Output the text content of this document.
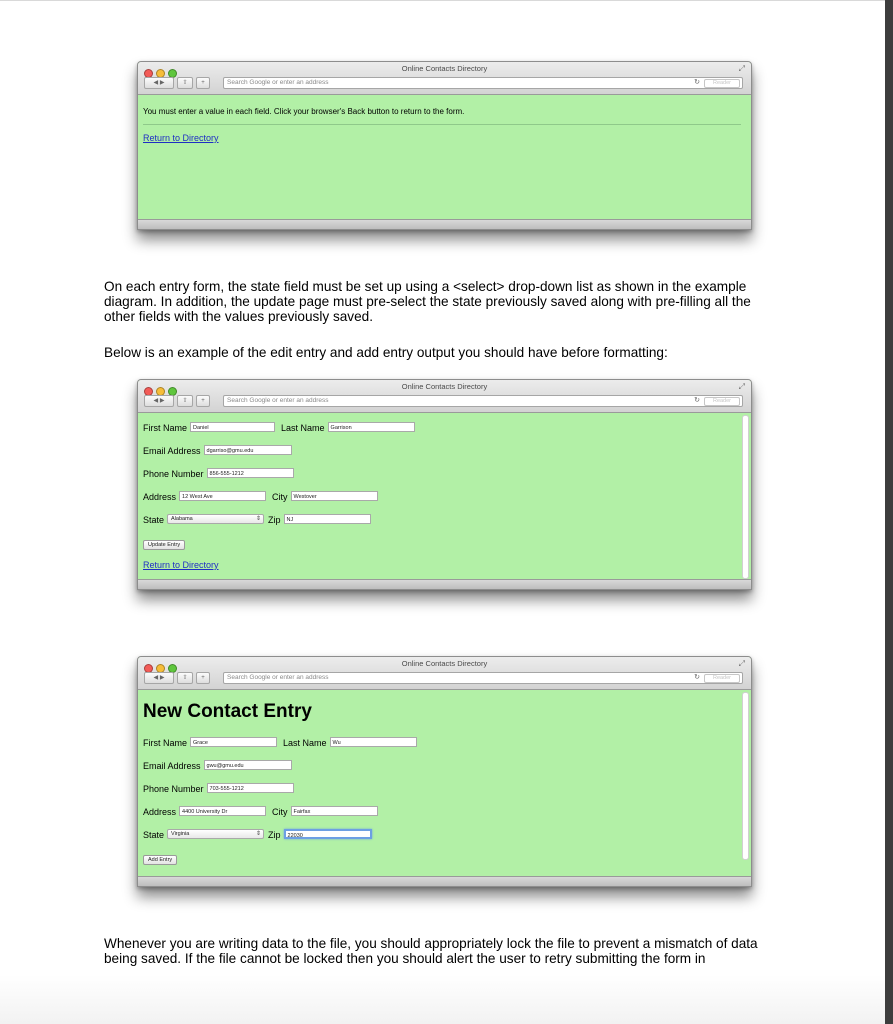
Online Contacts Directory	⤢
◀ ▶	⇧ +	Search Google or enter an address	↻	Reader
You must enter a value in each field. Click your browser's Back button to return to the form.
Return to Directory

On each entry form, the state field must be set up using a <select> drop-down list as shown in the example diagram. In addition, the update page must pre-select the state previously saved along with pre-filling all the other fields with the values previously saved.

Below is an example of the edit entry and add entry output you should have before formatting:

Online Contacts Directory	⤢
◀ ▶	⇧ +	Search Google or enter an address	↻	Reader
First Name Daniel	Last Name Garrison
Email Address dgarriso@gmu.edu
Phone Number 856-555-1212
Address 12 West Ave	City Westover
State Alabama	⇕ Zip NJ
Update Entry
Return to Directory
Online Contacts Directory	⤢
◀ ▶	⇧ +	Search Google or enter an address	↻	Reader
New Contact Entry
First Name Grace	Last Name Wu
Email Address gwu@gmu.edu
Phone Number 703-555-1212
Address 4400 University Dr	City Fairfax
State Virginia	⇕ Zip 22030
Add Entry

Whenever you are writing data to the file, you should appropriately lock the file to prevent a mismatch of data being saved. If the file cannot be locked then you should alert the user to retry submitting the form in
